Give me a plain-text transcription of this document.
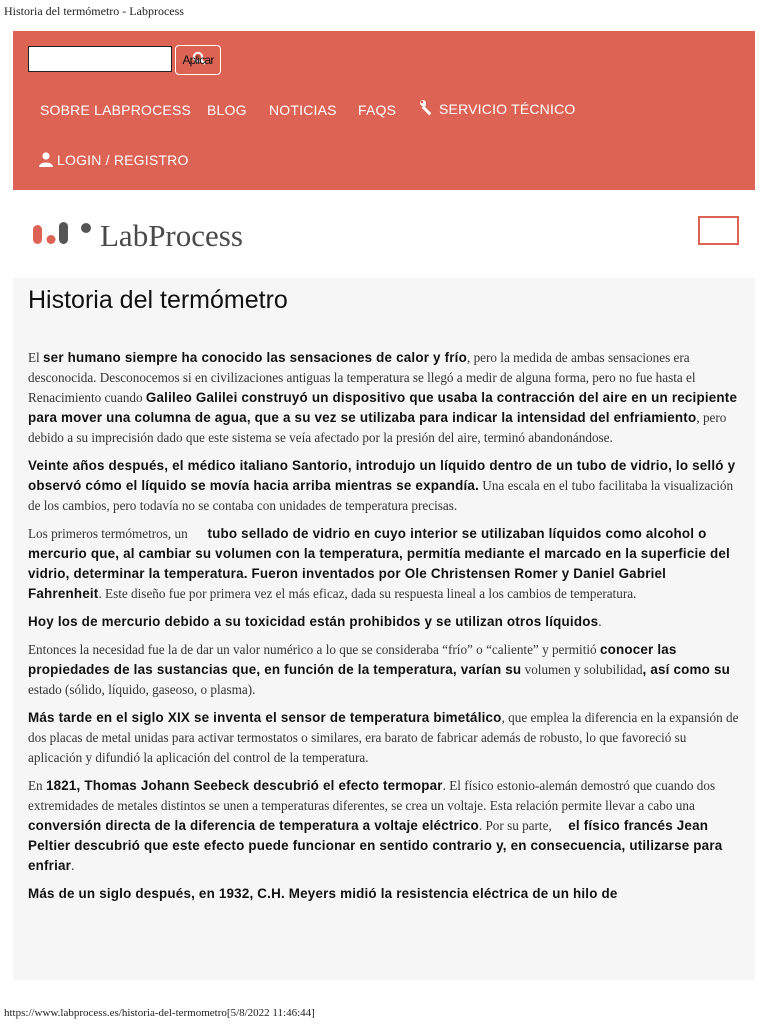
Historia del termómetro - Labprocess
Aplicar
SOBRE LABPROCESS BLOG NOTICIAS FAQS	SERVICIO TÉCNICO
LOGIN / REGISTRO
LabProcess
Historia del termómetro

El ser humano siempre ha conocido las sensaciones de calor y frío, pero la medida de ambas sensaciones era desconocida. Desconocemos si en civilizaciones antiguas la temperatura se llegó a medir de alguna forma, pero no fue hasta el Renacimiento cuando Galileo Galilei construyó un dispositivo que usaba la contracción del aire en un recipiente para mover una columna de agua, que a su vez se utilizaba para indicar la intensidad del enfriamiento, pero debido a su imprecisión dado que este sistema se veía afectado por la presión del aire, terminó abandonándose.

Veinte años después, el médico italiano Santorio, introdujo un líquido dentro de un tubo de vidrio, lo selló y observó cómo el líquido se movía hacia arriba mientras se expandía. Una escala en el tubo facilitaba la visualización de los cambios, pero todavía no se contaba con unidades de temperatura precisas.

Los primeros termómetros, un      tubo sellado de vidrio en cuyo interior se utilizaban líquidos como alcohol o mercurio que, al cambiar su volumen con la temperatura, permitía mediante el marcado en la superficie del vidrio, determinar la temperatura. Fueron inventados por Ole Christensen Romer y Daniel Gabriel Fahrenheit. Este diseño fue por primera vez el más eficaz, dada su respuesta lineal a los cambios de temperatura.

Hoy los de mercurio debido a su toxicidad están prohibidos y se utilizan otros líquidos.

Entonces la necesidad fue la de dar un valor numérico a lo que se consideraba “frío” o “caliente” y permitió conocer las propiedades de las sustancias que, en función de la temperatura, varían su volumen y solubilidad, así como su estado (sólido, líquido, gaseoso, o plasma).

Más tarde en el siglo XIX se inventa el sensor de temperatura bimetálico, que emplea la diferencia en la expansión de dos placas de metal unidas para activar termostatos o similares, era barato de fabricar además de robusto, lo que favoreció su aplicación y difundió la aplicación del control de la temperatura.

En 1821, Thomas Johann Seebeck descubrió el efecto termopar. El físico estonio-alemán demostró que cuando dos extremidades de metales distintos se unen a temperaturas diferentes, se crea un voltaje. Esta relación permite llevar a cabo una conversión directa de la diferencia de temperatura a voltaje eléctrico. Por su parte,     el físico francés Jean Peltier descubrió que este efecto puede funcionar en sentido contrario y, en consecuencia, utilizarse para enfriar.

Más de un siglo después, en 1932, C.H. Meyers midió la resistencia eléctrica de un hilo de

https://www.labprocess.es/historia-del-termometro[5/8/2022 11:46:44]
